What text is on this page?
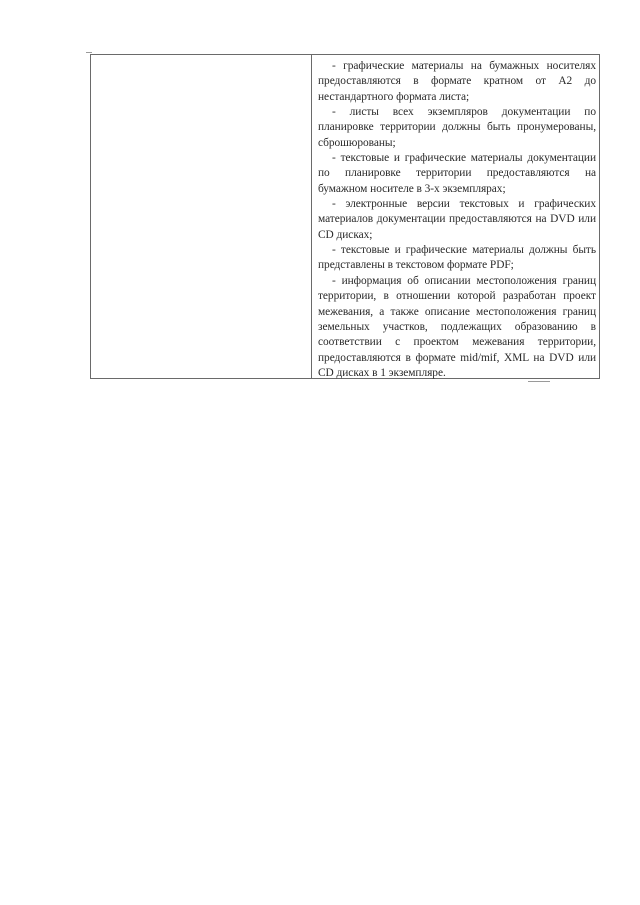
- графические материалы на бумажных носителях предоставляются в формате кратном от А2 до нестандартного формата листа;

- листы всех экземпляров документации по планировке территории должны быть пронумерованы, сброшюрованы;

- текстовые и графические материалы документации по планировке территории предоставляются на бумажном носителе в 3-х экземплярах;

- электронные версии текстовых и графических материалов документации предоставляются на DVD или CD дисках;

- текстовые и графические материалы должны быть представлены в текстовом формате PDF;

- информация об описании местоположения границ территории, в отношении которой разработан проект межевания, а также описание местоположения границ земельных участков, подлежащих образованию в соответствии с проектом межевания территории, предоставляются в формате mid/mif, XML на DVD или CD дисках в 1 экземпляре.
